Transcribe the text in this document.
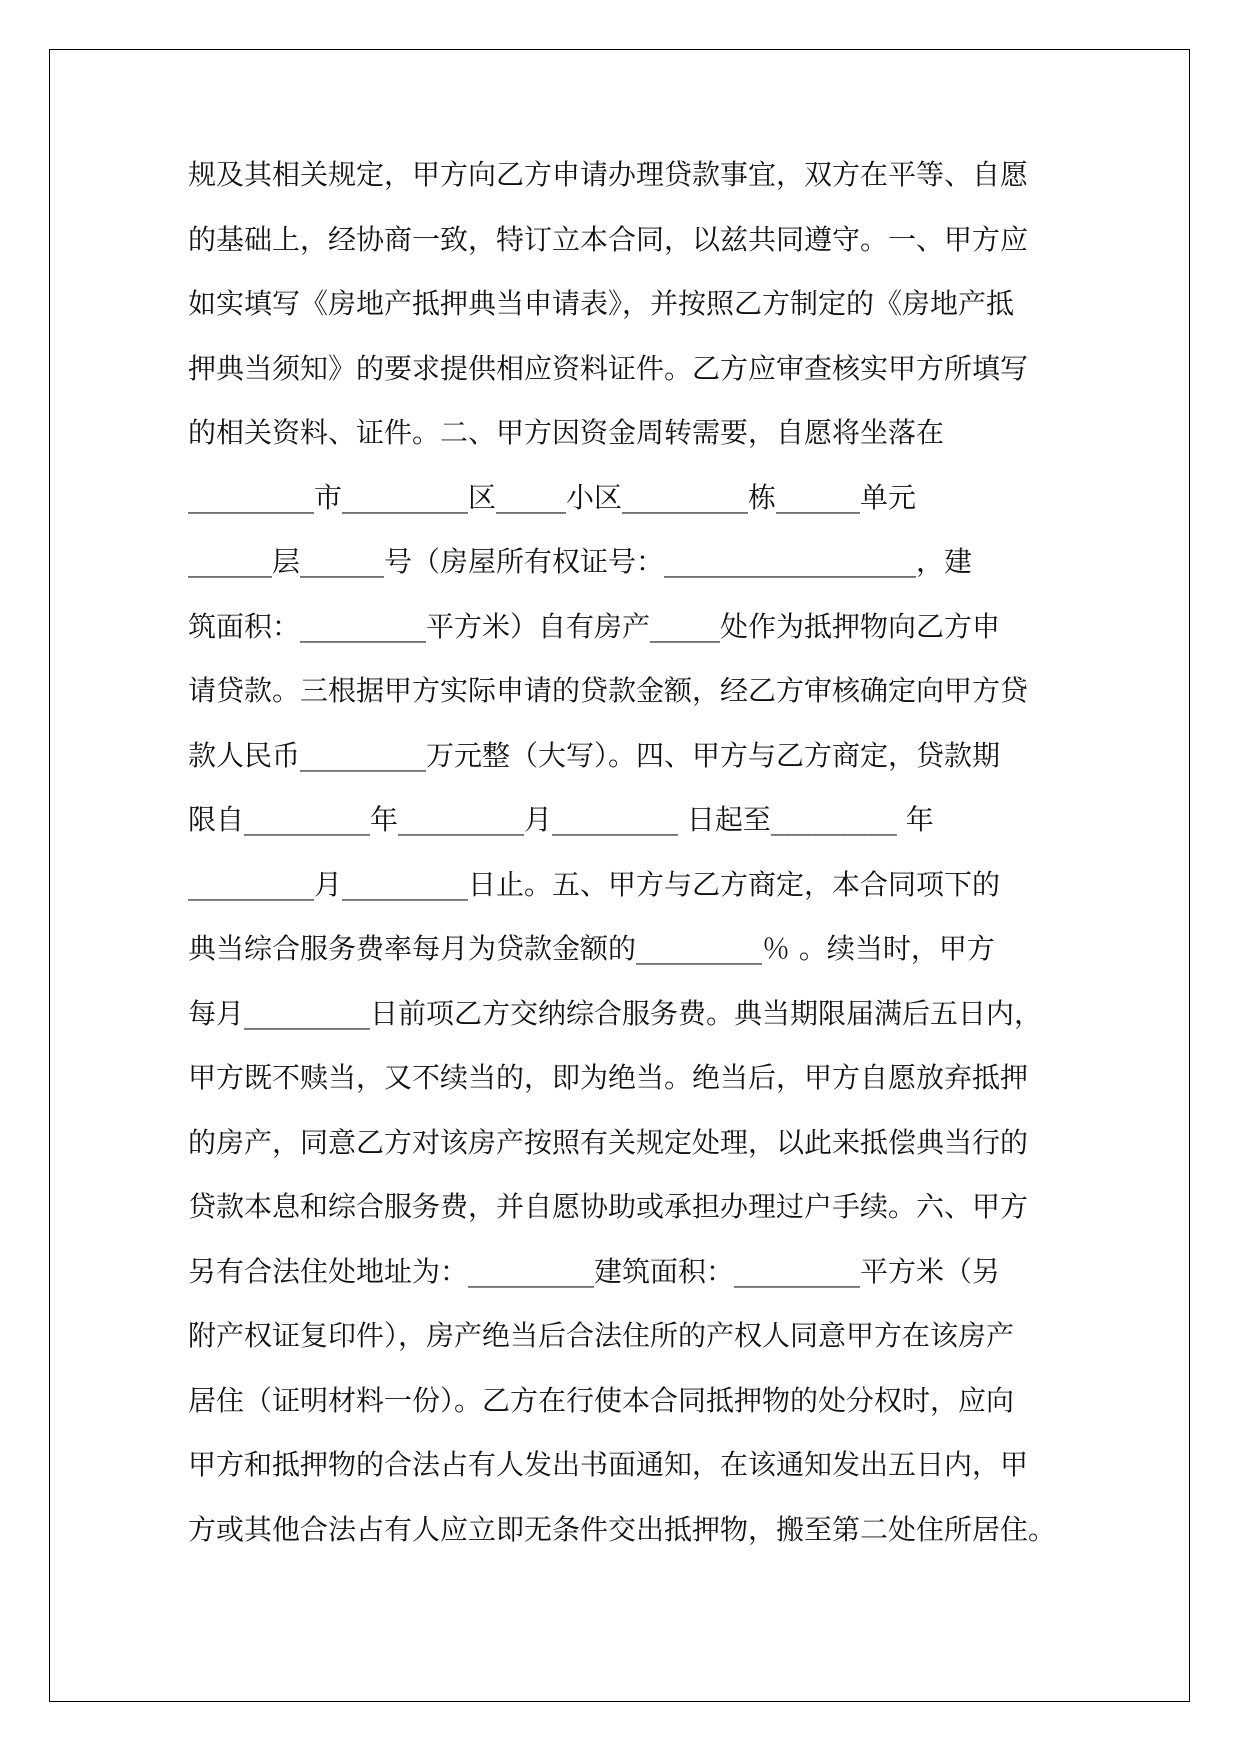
规及其相关规定，甲方向乙方申请办理贷款事宜，双方在平等、自愿
的基础上，经协商一致，特订立本合同，以兹共同遵守。一、甲方应
如实填写《房地产抵押典当申请表》，并按照乙方制定的《房地产抵
押典当须知》的要求提供相应资料证件。乙方应审查核实甲方所填写
的相关资料、证件。二、甲方因资金周转需要，自愿将坐落在
_________市_________区_____小区_________栋______单元
______层______号（房屋所有权证号：__________________，建
筑面积：_________平方米）自有房产_____处作为抵押物向乙方申
请贷款。三根据甲方实际申请的贷款金额，经乙方审核确定向甲方贷
款人民币_________万元整（大写）。四、甲方与乙方商定，贷款期
限自_________年_________月_________ 日起至_________ 年
_________月_________日止。五、甲方与乙方商定，本合同项下的
典当综合服务费率每月为贷款金额的_________％ 。续当时，甲方
每月_________日前项乙方交纳综合服务费。典当期限届满后五日内，
甲方既不赎当，又不续当的，即为绝当。绝当后，甲方自愿放弃抵押
的房产，同意乙方对该房产按照有关规定处理，以此来抵偿典当行的
贷款本息和综合服务费，并自愿协助或承担办理过户手续。六、甲方
另有合法住处地址为：_________建筑面积：_________平方米（另
附产权证复印件），房产绝当后合法住所的产权人同意甲方在该房产
居住（证明材料一份）。乙方在行使本合同抵押物的处分权时，应向
甲方和抵押物的合法占有人发出书面通知，在该通知发出五日内，甲
方或其他合法占有人应立即无条件交出抵押物，搬至第二处住所居住。
